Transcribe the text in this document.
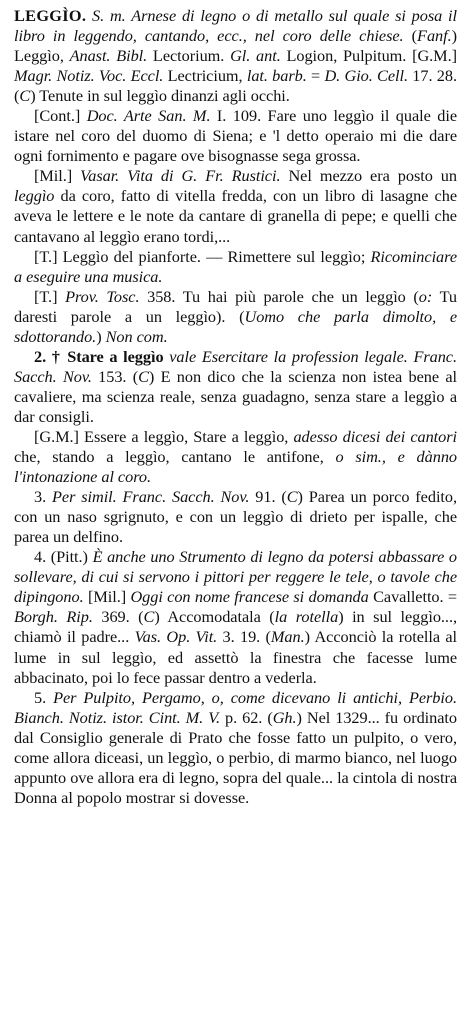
LEGGÌO. S. m. Arnese di legno o di metallo sul quale si posa il libro in leggendo, cantando, ecc., nel coro delle chiese. (Fanf.) Leggìo, Anast. Bibl. Lectorium. Gl. ant. Logion, Pulpitum. [G.M.] Magr. Notiz. Voc. Eccl. Lectricium, lat. barb. = D. Gio. Cell. 17. 28. (C) Tenute in sul leggìo dinanzi agli occhi.

[Cont.] Doc. Arte San. M. I. 109. Fare uno leggìo il quale die istare nel coro del duomo di Siena; e 'l detto operaio mi die dare ogni fornimento e pagare ove bisognasse sega grossa.

[Mil.] Vasar. Vita di G. Fr. Rustici. Nel mezzo era posto un leggìo da coro, fatto di vitella fredda, con un libro di lasagne che aveva le lettere e le note da cantare di granella di pepe; e quelli che cantavano al leggìo erano tordi,...

[T.] Leggìo del pianforte. — Rimettere sul leggìo; Ricominciare a eseguire una musica.

[T.] Prov. Tosc. 358. Tu hai più parole che un leggìo (o: Tu daresti parole a un leggìo). (Uomo che parla dimolto, e sdottorando.) Non com.

2. † Stare a leggìo vale Esercitare la profession legale. Franc. Sacch. Nov. 153. (C) E non dico che la scienza non istea bene al cavaliere, ma scienza reale, senza guadagno, senza stare a leggìo a dar consigli.

[G.M.] Essere a leggìo, Stare a leggìo, adesso dicesi dei cantori che, stando a leggìo, cantano le antifone, o sim., e dànno l'intonazione al coro.

3. Per simil. Franc. Sacch. Nov. 91. (C) Parea un porco fedito, con un naso sgrignuto, e con un leggìo di drieto per ispalle, che parea un delfino.

4. (Pitt.) È anche uno Strumento di legno da potersi abbassare o sollevare, di cui si servono i pittori per reggere le tele, o tavole che dipingono. [Mil.] Oggi con nome francese si domanda Cavalletto. = Borgh. Rip. 369. (C) Accomodatala (la rotella) in sul leggìo..., chiamò il padre... Vas. Op. Vit. 3. 19. (Man.) Acconciò la rotella al lume in sul leggìo, ed assettò la finestra che facesse lume abbacinato, poi lo fece passar dentro a vederla.

5. Per Pulpito, Pergamo, o, come dicevano li antichi, Perbio. Bianch. Notiz. istor. Cint. M. V. p. 62. (Gh.) Nel 1329... fu ordinato dal Consiglio generale di Prato che fosse fatto un pulpito, o vero, come allora diceasi, un leggìo, o perbio, di marmo bianco, nel luogo appunto ove allora era di legno, sopra del quale... la cintola di nostra Donna al popolo mostrar si dovesse.
